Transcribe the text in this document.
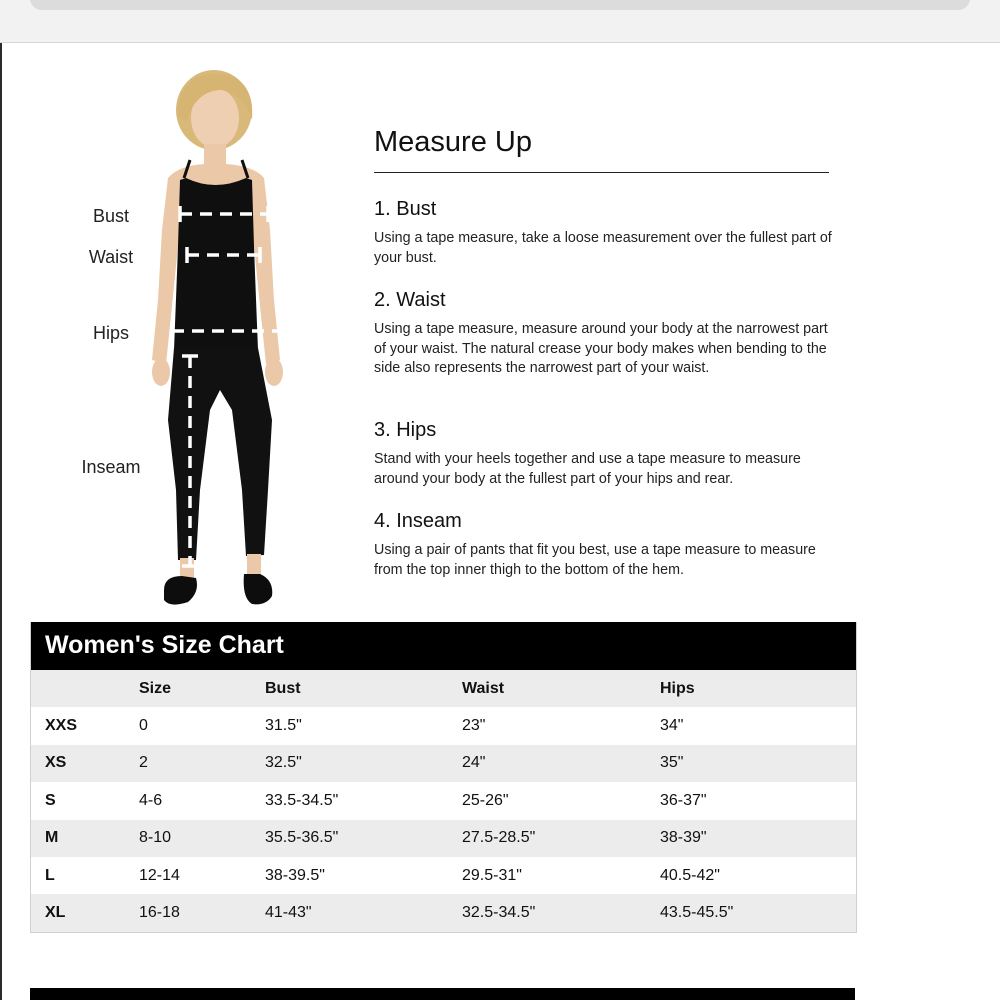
Bust
Waist
Hips
Inseam
Measure Up
1. Bust

Using a tape measure, take a loose measurement over the fullest part of your bust.

2. Waist

Using a tape measure, measure around your body at the narrowest part of your waist. The natural crease your body makes when bending to the side also represents the narrowest part of your waist.

3. Hips

Stand with your heels together and use a tape measure to measure around your body at the fullest part of your hips and rear.

4. Inseam

Using a pair of pants that fit you best, use a tape measure to measure from the top inner thigh to the bottom of the hem.

Women's Size Chart
	Size	Bust	Waist	Hips
XXS	0	31.5"	23"	34"
XS	2	32.5"	24"	35"
S	4-6	33.5-34.5"	25-26"	36-37"
M	8-10	35.5-36.5"	27.5-28.5"	38-39"
L	12-14	38-39.5"	29.5-31"	40.5-42"
XL	16-18	41-43"	32.5-34.5"	43.5-45.5"
